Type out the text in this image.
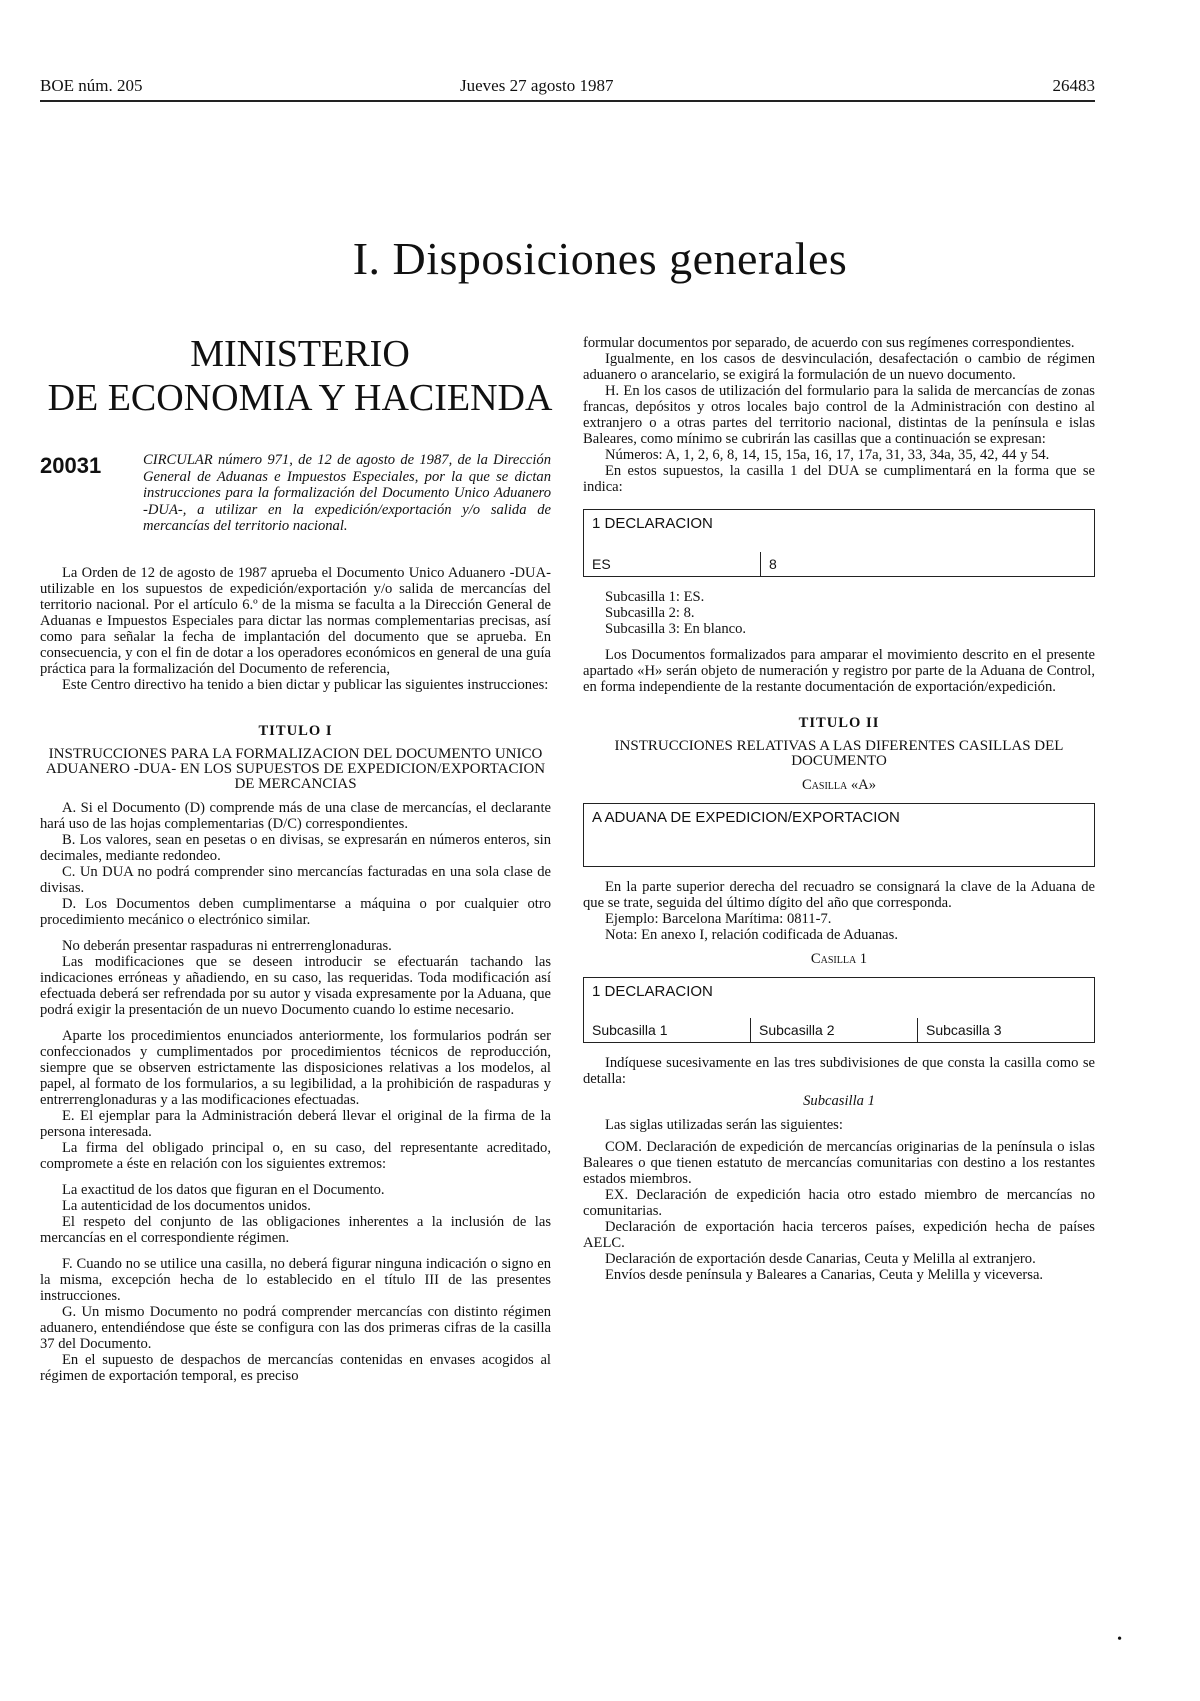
BOE núm. 205	Jueves 27 agosto 1987	26483
I. Disposiciones generales
MINISTERIO
DE ECONOMIA Y HACIENDA
20031	CIRCULAR número 971, de 12 de agosto de 1987, de la Dirección General de Aduanas e Impuestos Especiales, por la que se dictan instrucciones para la formalización del Documento Unico Aduanero -DUA-, a utilizar en la expedición/exportación y/o salida de mercancías del territorio nacional.

La Orden de 12 de agosto de 1987 aprueba el Documento Unico Aduanero -DUA- utilizable en los supuestos de expedición/exportación y/o salida de mercancías del territorio nacional. Por el artículo 6.º de la misma se faculta a la Dirección General de Aduanas e Impuestos Especiales para dictar las normas complementarias precisas, así como para señalar la fecha de implantación del documento que se aprueba. En consecuencia, y con el fin de dotar a los operadores económicos en general de una guía práctica para la formalización del Documento de referencia,

Este Centro directivo ha tenido a bien dictar y publicar las siguientes instrucciones:

TITULO I

INSTRUCCIONES PARA LA FORMALIZACION DEL DOCUMENTO UNICO ADUANERO -DUA- EN LOS SUPUESTOS DE EXPEDICION/EXPORTACION DE MERCANCIAS

A. Si el Documento (D) comprende más de una clase de mercancías, el declarante hará uso de las hojas complementarias (D/C) correspondientes.

B. Los valores, sean en pesetas o en divisas, se expresarán en números enteros, sin decimales, mediante redondeo.

C. Un DUA no podrá comprender sino mercancías facturadas en una sola clase de divisas.

D. Los Documentos deben cumplimentarse a máquina o por cualquier otro procedimiento mecánico o electrónico similar.

No deberán presentar raspaduras ni entrerrenglonaduras.

Las modificaciones que se deseen introducir se efectuarán tachando las indicaciones erróneas y añadiendo, en su caso, las requeridas. Toda modificación así efectuada deberá ser refrendada por su autor y visada expresamente por la Aduana, que podrá exigir la presentación de un nuevo Documento cuando lo estime necesario.

Aparte los procedimientos enunciados anteriormente, los formularios podrán ser confeccionados y cumplimentados por procedimientos técnicos de reproducción, siempre que se observen estrictamente las disposiciones relativas a los modelos, al papel, al formato de los formularios, a su legibilidad, a la prohibición de raspaduras y entrerrenglonaduras y a las modificaciones efectuadas.

E. El ejemplar para la Administración deberá llevar el original de la firma de la persona interesada.

La firma del obligado principal o, en su caso, del representante acreditado, compromete a éste en relación con los siguientes extremos:

La exactitud de los datos que figuran en el Documento.

La autenticidad de los documentos unidos.

El respeto del conjunto de las obligaciones inherentes a la inclusión de las mercancías en el correspondiente régimen.

F. Cuando no se utilice una casilla, no deberá figurar ninguna indicación o signo en la misma, excepción hecha de lo establecido en el título III de las presentes instrucciones.

G. Un mismo Documento no podrá comprender mercancías con distinto régimen aduanero, entendiéndose que éste se configura con las dos primeras cifras de la casilla 37 del Documento.

En el supuesto de despachos de mercancías contenidas en envases acogidos al régimen de exportación temporal, es preciso

formular documentos por separado, de acuerdo con sus regímenes correspondientes.

Igualmente, en los casos de desvinculación, desafectación o cambio de régimen aduanero o arancelario, se exigirá la formulación de un nuevo documento.

H. En los casos de utilización del formulario para la salida de mercancías de zonas francas, depósitos y otros locales bajo control de la Administración con destino al extranjero o a otras partes del territorio nacional, distintas de la península e islas Baleares, como mínimo se cubrirán las casillas que a continuación se expresan:

Números: A, 1, 2, 6, 8, 14, 15, 15a, 16, 17, 17a, 31, 33, 34a, 35, 42, 44 y 54.

En estos supuestos, la casilla 1 del DUA se cumplimentará en la forma que se indica:

1 DECLARACION
ES	8

Subcasilla 1: ES.

Subcasilla 2: 8.

Subcasilla 3: En blanco.

Los Documentos formalizados para amparar el movimiento descrito en el presente apartado «H» serán objeto de numeración y registro por parte de la Aduana de Control, en forma independiente de la restante documentación de exportación/expedición.

TITULO II

INSTRUCCIONES RELATIVAS A LAS DIFERENTES CASILLAS DEL DOCUMENTO

Casilla «A»

A ADUANA DE EXPEDICION/EXPORTACION

En la parte superior derecha del recuadro se consignará la clave de la Aduana de que se trate, seguida del último dígito del año que corresponda.

Ejemplo: Barcelona Marítima: 0811-7.

Nota: En anexo I, relación codificada de Aduanas.

Casilla 1

1 DECLARACION
Subcasilla 1	Subcasilla 2	Subcasilla 3

Indíquese sucesivamente en las tres subdivisiones de que consta la casilla como se detalla:

Subcasilla 1

Las siglas utilizadas serán las siguientes:

COM. Declaración de expedición de mercancías originarias de la península o islas Baleares o que tienen estatuto de mercancías comunitarias con destino a los restantes estados miembros.

EX. Declaración de expedición hacia otro estado miembro de mercancías no comunitarias.

Declaración de exportación hacia terceros países, expedición hecha de países AELC.

Declaración de exportación desde Canarias, Ceuta y Melilla al extranjero.

Envíos desde península y Baleares a Canarias, Ceuta y Melilla y viceversa.

•
